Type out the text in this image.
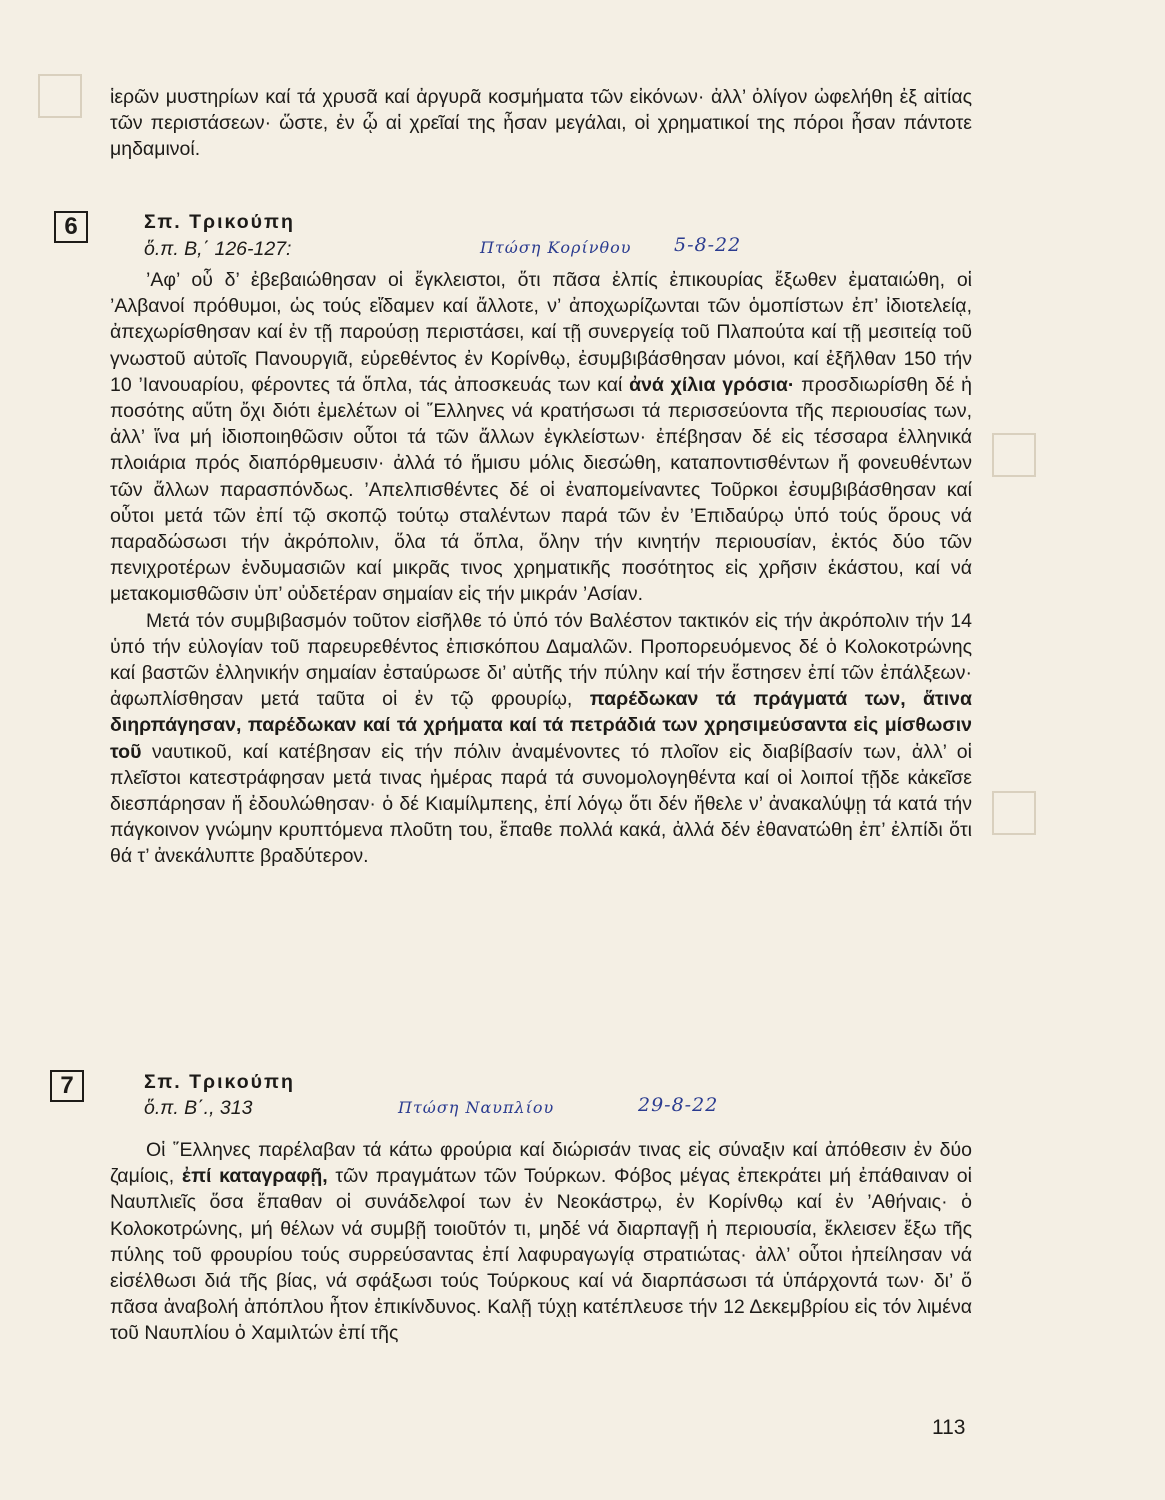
ἱερῶν μυστηρίων καί τά χρυσᾶ καί ἀργυρᾶ κοσμήματα τῶν εἰκόνων· ἀλλ’ ὀλίγον ὠφελήθη ἐξ αἰτίας τῶν περιστάσεων· ὥστε, ἐν ᾧ αἱ χρεῖαί της ἦσαν μεγάλαι, οἱ χρηματικοί της πόροι ἦσαν πάντοτε μηδαμινοί.

6	Σπ. Τρικούπη
ὅ.π. Β,΄ 126-127:	Πτώση Κορίνθου 5-8-22

’Αφ’ οὗ δ’ ἐβεβαιώθησαν οἱ ἔγκλειστοι, ὅτι πᾶσα ἐλπίς ἐπικουρίας ἔξωθεν ἐματαιώθη, οἱ ’Αλβανοί πρόθυμοι, ὡς τούς εἴδαμεν καί ἄλλοτε, ν’ ἀποχωρίζωνται τῶν ὁμοπίστων ἐπ’ ἰδιοτελείᾳ, ἀπεχωρίσθησαν καί ἐν τῇ παρούσῃ περιστάσει, καί τῇ συνεργείᾳ τοῦ Πλαπούτα καί τῇ μεσιτείᾳ τοῦ γνωστοῦ αὐτοῖς Πανουργιᾶ, εὑρεθέντος ἐν Κορίνθῳ, ἐσυμβιβάσθησαν μόνοι, καί ἐξῆλθαν 150 τήν 10 ’Ιανουαρίου, φέροντες τά ὅπλα, τάς ἀποσκευάς των καί ἀνά χίλια γρόσια· προσδιωρίσθη δέ ἡ ποσότης αὕτη ὄχι διότι ἐμελέτων οἱ ῞Ελληνες νά κρατήσωσι τά περισσεύοντα τῆς περιουσίας των, ἀλλ’ ἵνα μή ἰδιοποιηθῶσιν οὗτοι τά τῶν ἄλλων ἐγκλείστων· ἐπέβησαν δέ εἰς τέσσαρα ἑλληνικά πλοιάρια πρός διαπόρθμευσιν· ἀλλά τό ἥμισυ μόλις διεσώθη, καταποντισθέντων ἤ φονευθέντων τῶν ἄλλων παρασπόνδως. ’Απελπισθέντες δέ οἱ ἐναπομείναντες Τοῦρκοι ἐσυμβιβάσθησαν καί οὗτοι μετά τῶν ἐπί τῷ σκοπῷ τούτῳ σταλέντων παρά τῶν ἐν ’Επιδαύρῳ ὑπό τούς ὅρους νά παραδώσωσι τήν ἀκρόπολιν, ὅλα τά ὅπλα, ὅλην τήν κινητήν περιουσίαν, ἐκτός δύο τῶν πενιχροτέρων ἐνδυμασιῶν καί μικρᾶς τινος χρηματικῆς ποσότητος εἰς χρῆσιν ἑκάστου, καί νά μετακομισθῶσιν ὑπ’ οὐδετέραν σημαίαν εἰς τήν μικράν ’Ασίαν.

Μετά τόν συμβιβασμόν τοῦτον εἰσῆλθε τό ὑπό τόν Βαλέστον τακτικόν εἰς τήν ἀκρόπολιν τήν 14 ὑπό τήν εὐλογίαν τοῦ παρευρεθέντος ἐπισκόπου Δαμαλῶν. Προπορευόμενος δέ ὁ Κολοκοτρώνης καί βαστῶν ἑλληνικήν σημαίαν ἐσταύρωσε δι’ αὐτῆς τήν πύλην καί τήν ἔστησεν ἐπί τῶν ἐπάλξεων· ἀφωπλίσθησαν μετά ταῦτα οἱ ἐν τῷ φρουρίῳ, παρέδωκαν τά πράγματά των, ἅτινα διηρπάγησαν, παρέδωκαν καί τά χρήματα καί τά πετράδιά των χρησιμεύσαντα εἰς μίσθωσιν τοῦ ναυτικοῦ, καί κατέβησαν εἰς τήν πόλιν ἀναμένοντες τό πλοῖον εἰς διαβίβασίν των, ἀλλ’ οἱ πλεῖστοι κατεστράφησαν μετά τινας ἡμέρας παρά τά συνομολογηθέντα καί οἱ λοιποί τῇδε κἀκεῖσε διεσπάρησαν ἤ ἐδουλώθησαν· ὁ δέ Κιαμίλμπεης, ἐπί λόγῳ ὅτι δέν ἤθελε ν’ ἀνακαλύψῃ τά κατά τήν πάγκοινον γνώμην κρυπτόμενα πλοῦτη του, ἔπαθε πολλά κακά, ἀλλά δέν ἐθανατώθη ἐπ’ ἐλπίδι ὅτι θά τ’ ἀνεκάλυπτε βραδύτερον.

7	Σπ. Τρικούπη
ὅ.π. Β΄., 313	Πτώση Ναυπλίου	29-8-22

Οἱ ῞Ελληνες παρέλαβαν τά κάτω φρούρια καί διώρισάν τινας εἰς σύναξιν καί ἀπόθεσιν ἐν δύο ζαμίοις, ἐπί καταγραφῇ, τῶν πραγμάτων τῶν Τούρκων. Φόβος μέγας ἐπεκράτει μή ἐπάθαιναν οἱ Ναυπλιεῖς ὅσα ἔπαθαν οἱ συνάδελφοί των ἐν Νεοκάστρῳ, ἐν Κορίνθῳ καί ἐν ’Αθήναις· ὁ Κολοκοτρώνης, μή θέλων νά συμβῇ τοιοῦτόν τι, μηδέ νά διαρπαγῇ ἡ περιουσία, ἔκλεισεν ἔξω τῆς πύλης τοῦ φρουρίου τούς συρρεύσαντας ἐπί λαφυραγωγίᾳ στρατιώτας· ἀλλ’ οὗτοι ἠπείλησαν νά εἰσέλθωσι διά τῆς βίας, νά σφάξωσι τούς Τούρκους καί νά διαρπάσωσι τά ὑπάρχοντά των· δι’ ὅ πᾶσα ἀναβολή ἀπόπλου ἦτον ἐπικίνδυνος. Καλῇ τύχῃ κατέπλευσε τήν 12 Δεκεμβρίου εἰς τόν λιμένα τοῦ Ναυπλίου ὁ Χαμιλτών ἐπί τῆς

113
